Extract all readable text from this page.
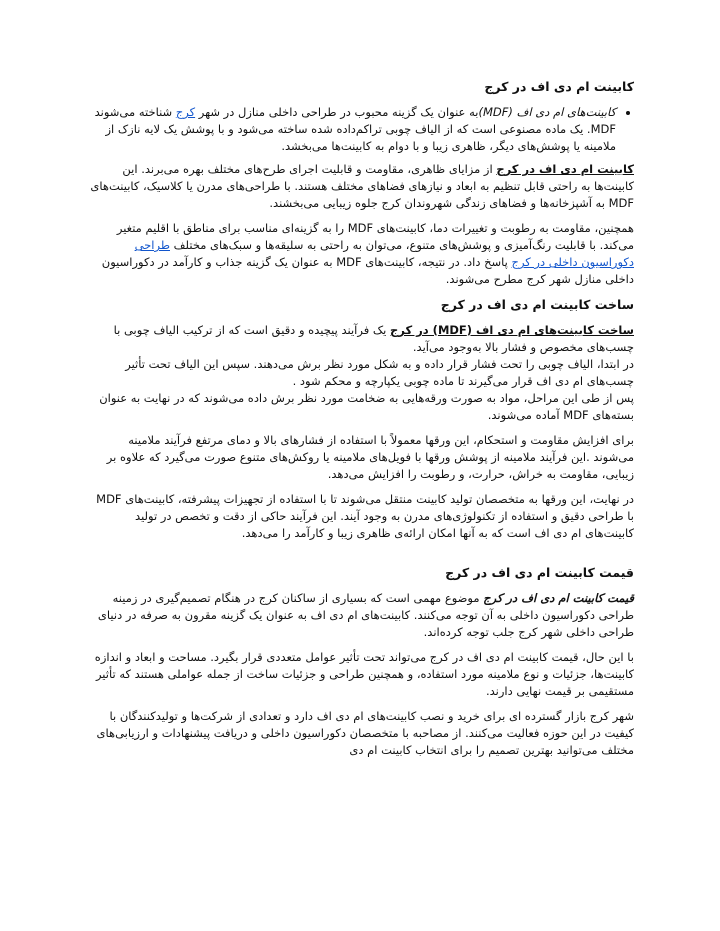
کابینت ام دی اف در کرج
• کابینت‌های ام دی اف (MDF)به عنوان یک گزینه محبوب در طراحی داخلی منازل در شهر کرج شناخته می‌شوند MDF. یک ماده مصنوعی است که از الیاف چوبی تراکم‌داده شده ساخته می‌شود و با پوشش یک لایه نازک از ملامینه یا پوشش‌های دیگر، ظاهری زیبا و با دوام به کابینت‌ها می‌بخشد.

کابینت ام دی اف در کرج از مزایای ظاهری، مقاومت و قابلیت اجرای طرح‌های مختلف بهره می‌برند. این کابینت‌ها به راحتی قابل تنظیم به ابعاد و نیازهای فضاهای مختلف هستند. با طراحی‌های مدرن یا کلاسیک، کابینت‌های MDF به آشپزخانه‌ها و فضاهای زندگی شهروندان کرج جلوه زیبایی می‌بخشند.

همچنین، مقاومت به رطوبت و تغییرات دما، کابینت‌های MDF را به گزینه‌ای مناسب برای مناطق با اقلیم متغیر می‌کند. با قابلیت رنگ‌آمیزی و پوشش‌های متنوع، می‌توان به راحتی به سلیقه‌ها و سبک‌های مختلف طراحی دکوراسیون داخلی در کرج پاسخ داد. در نتیجه، کابینت‌های MDF به عنوان یک گزینه جذاب و کارآمد در دکوراسیون داخلی منازل شهر کرج مطرح می‌شوند.

ساخت کابینت ام دی اف در کرج

ساخت کابینت‌های ام دی اف (MDF) در کرج یک فرآیند پیچیده و دقیق است که از ترکیب الیاف چوبی با چسب‌های مخصوص و فشار بالا به‌وجود می‌آید.
در ابتدا، الیاف چوبی را تحت فشار قرار داده و به شکل مورد نظر برش می‌دهند. سپس این الیاف تحت تأثیر چسب‌های ام دی اف قرار می‌گیرند تا ماده چوبی یکپارچه و محکم شود .
پس از طی این مراحل، مواد به صورت ورقه‌هایی به ضخامت مورد نظر برش داده می‌شوند که در نهایت به عنوان بسته‌های MDF آماده می‌شوند.

برای افزایش مقاومت و استحکام، این ورقها معمولاً با استفاده از فشارهای بالا و دمای مرتفع فرآیند ملامینه می‌شوند .این فرآیند ملامینه از پوشش ورقها با فویل‌های ملامینه یا روکش‌های متنوع صورت می‌گیرد که علاوه بر زیبایی، مقاومت به خراش، حرارت، و رطوبت را افزایش می‌دهد.

در نهایت، این ورقها به متخصصان تولید کابینت منتقل می‌شوند تا با استفاده از تجهیزات پیشرفته، کابینت‌های MDF با طراحی دقیق و استفاده از تکنولوژی‌های مدرن به وجود آیند. این فرآیند حاکی از دقت و تخصص در تولید کابینت‌های ام دی اف است که به آنها امکان ارائه‌ی ظاهری زیبا و کارآمد را می‌دهد.

قیمت کابینت ام دی اف در کرج

قیمت کابینت ام دی اف در کرج موضوع مهمی است که بسیاری از ساکنان کرج در هنگام تصمیم‌گیری در زمینه طراحی دکوراسیون داخلی به آن توجه می‌کنند. کابینت‌های ام دی اف به عنوان یک گزینه مقرون به صرفه در دنیای طراحی داخلی شهر کرج جلب توجه کرده‌اند.

با این حال، قیمت کابینت ام دی اف در کرج می‌تواند تحت تأثیر عوامل متعددی قرار بگیرد. مساحت و ابعاد و اندازه کابینت‌ها، جزئیات و نوع ملامینه مورد استفاده، و همچنین طراحی و جزئیات ساخت از جمله عواملی هستند که تأثیر مستقیمی بر قیمت نهایی دارند.

شهر کرج بازار گسترده ای برای خرید و نصب کابینت‌های ام دی اف دارد و تعدادی از شرکت‌ها و تولیدکنندگان با کیفیت در این حوزه فعالیت می‌کنند. از مصاحبه با متخصصان دکوراسیون داخلی و دریافت پیشنهادات و ارزیابی‌های مختلف می‌توانید بهترین تصمیم را برای انتخاب کابینت ام دی
